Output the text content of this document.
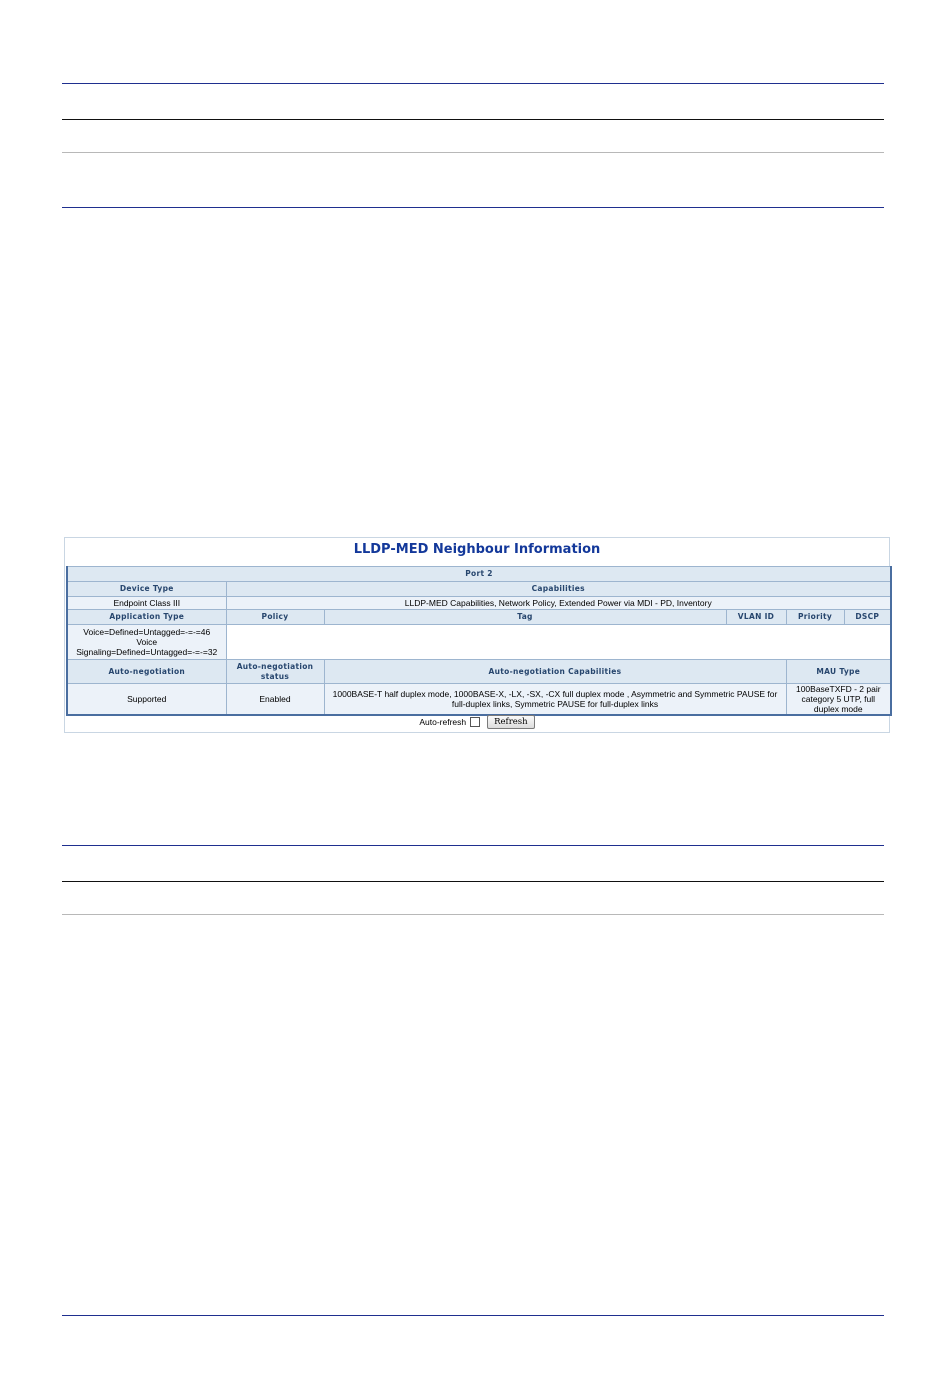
LLDP-MED Neighbour Information
Port 2					
Device Type	Capabilities				
Endpoint Class III	LLDP-MED Capabilities, Network Policy, Extended Power via MDI - PD, Inventory				
Application Type	Policy	Tag	VLAN ID	Priority	DSCP

Voice=Defined=Untagged=-=-=46
Voice
Signaling=Defined=Untagged=-=-=32					

Auto-negotiation	Auto-negotiation status	Auto-negotiation Capabilities		MAU Type	
Supported	Enabled	1000BASE-T half duplex mode, 1000BASE-X, -LX, -SX, -CX full duplex mode , Asymmetric and Symmetric PAUSE for full-duplex links, Symmetric PAUSE for full-duplex links		100BaseTXFD - 2 pair category 5 UTP, full duplex mode	
Auto-refresh	Refresh
